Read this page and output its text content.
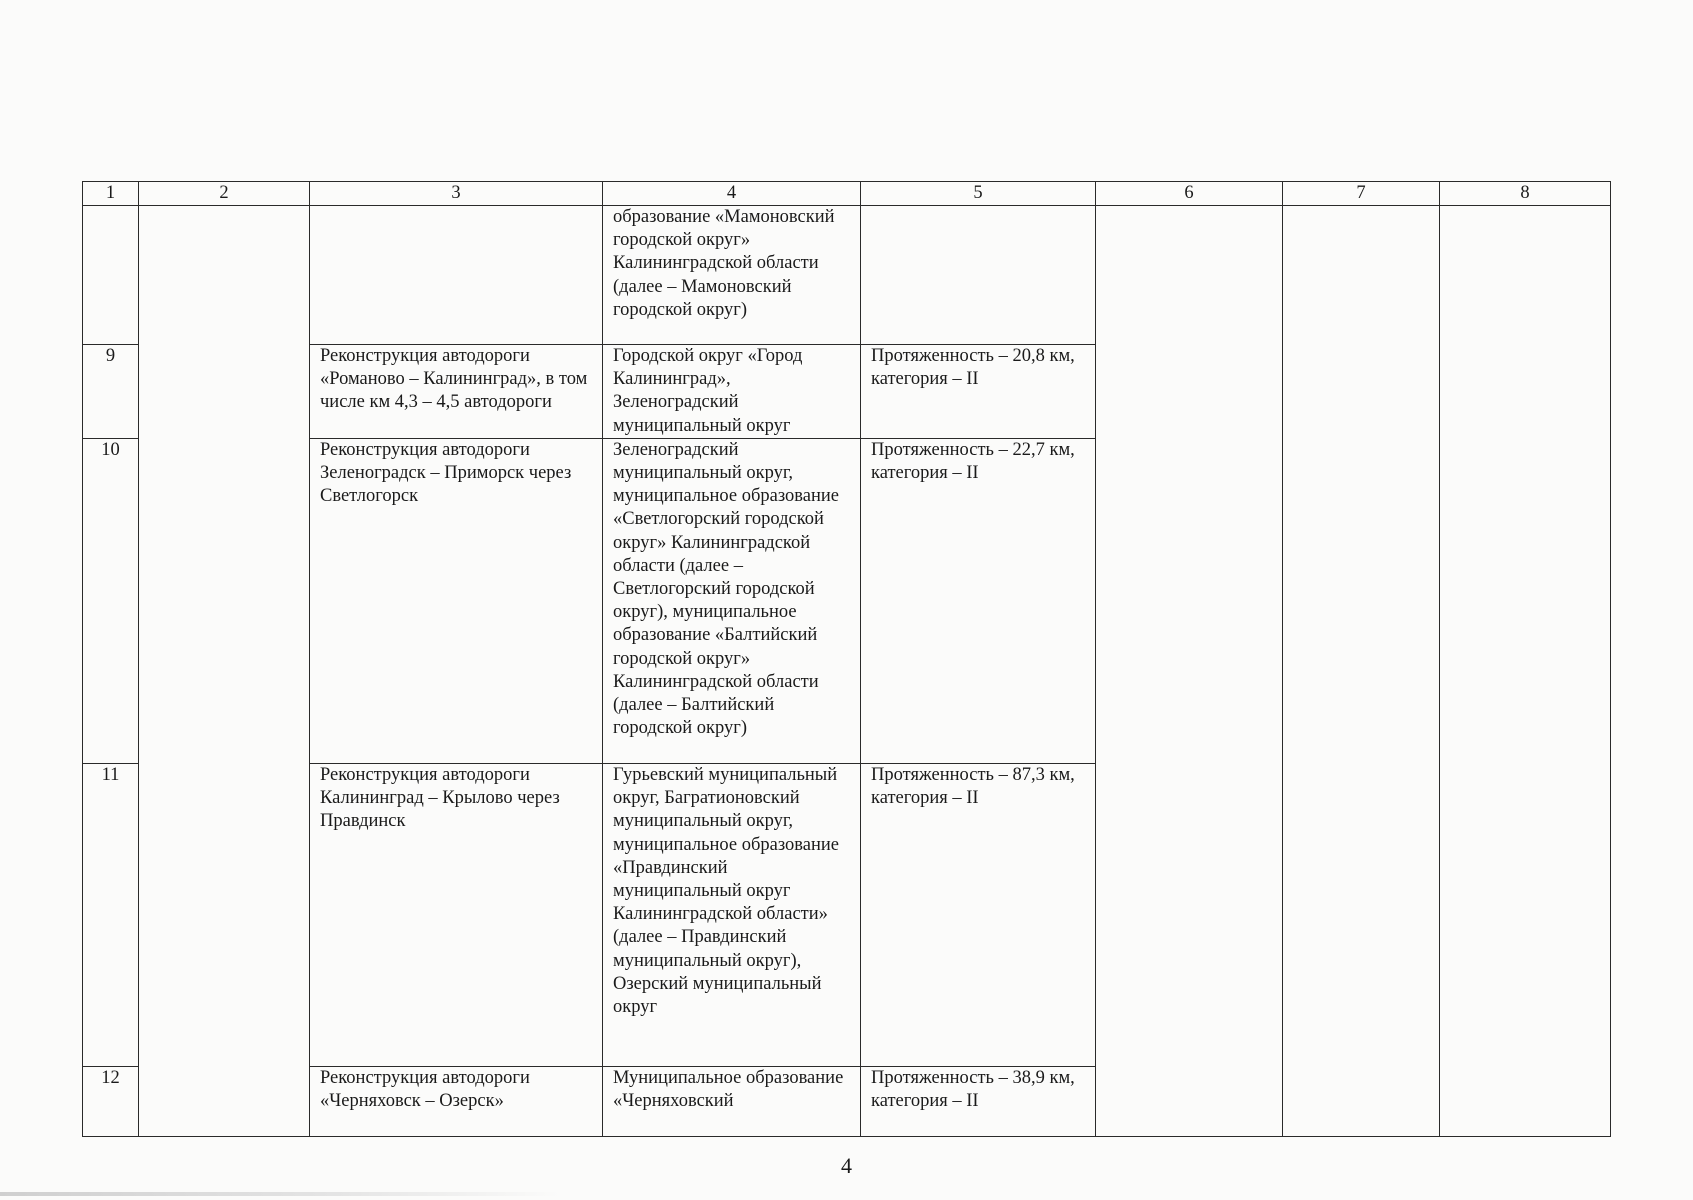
1	2	3	4	5	6	7	8
			образование «Мамоновский городской округ» Калининградской области (далее – Мамоновский городской округ)				
9		Реконструкция автодороги «Романово – Калининград», в том числе км 4,3 – 4,5 автодороги	Городской округ «Город Калининград», Зеленоградский муниципальный округ	Протяженность – 20,8 км, категория – II			
10		Реконструкция автодороги Зеленоградск – Приморск через Светлогорск	Зеленоградский муниципальный округ, муниципальное образование «Светлогорский городской округ» Калининградской области (далее – Светлогорский городской округ), муниципальное образование «Балтийский городской округ» Калининградской области (далее – Балтийский городской округ)	Протяженность – 22,7 км, категория – II			
11		Реконструкция автодороги Калининград – Крылово через Правдинск	Гурьевский муниципальный округ, Багратионовский муниципальный округ, муниципальное образование «Правдинский муниципальный округ Калининградской области» (далее – Правдинский муниципальный округ), Озерский муниципальный округ	Протяженность – 87,3 км, категория – II			
12		Реконструкция автодороги «Черняховск – Озерск»	Муниципальное образование «Черняховский	Протяженность – 38,9 км, категория – II			
4
